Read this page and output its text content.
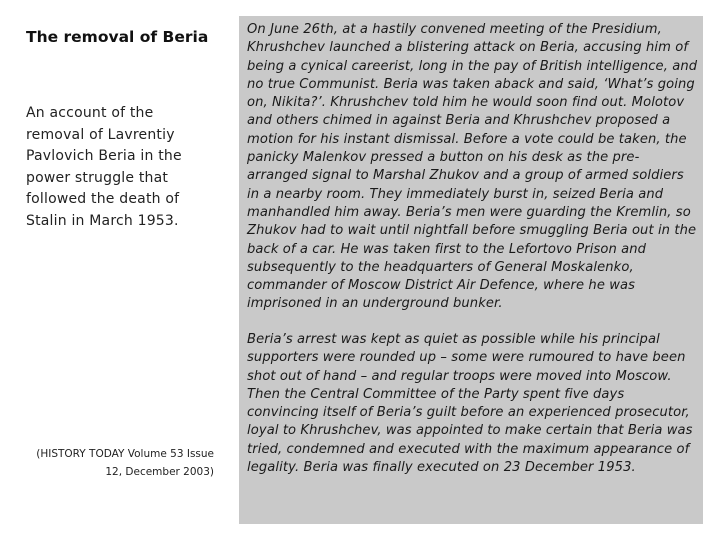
The removal of Beria
An account of the removal of Lavrentiy Pavlovich Beria in the power struggle that followed the death of Stalin in March 1953.
(HISTORY TODAY Volume 53 Issue 12, December 2003)

On June 26th, at a hastily convened meeting of the Presidium, Khrushchev launched a blistering attack on Beria, accusing him of being a cynical careerist, long in the pay of British intelligence, and no true Communist. Beria was taken aback and said, ‘What’s going on, Nikita?’. Khrushchev told him he would soon find out. Molotov and others chimed in against Beria and Khrushchev proposed a motion for his instant dismissal. Before a vote could be taken, the panicky Malenkov pressed a button on his desk as the pre-arranged signal to Marshal Zhukov and a group of armed soldiers in a nearby room. They immediately burst in, seized Beria and manhandled him away. Beria’s men were guarding the Kremlin, so Zhukov had to wait until nightfall before smuggling Beria out in the back of a car. He was taken first to the Lefortovo Prison and subsequently to the headquarters of General Moskalenko, commander of Moscow District Air Defence, where he was imprisoned in an underground bunker.

Beria’s arrest was kept as quiet as possible while his principal supporters were rounded up – some were rumoured to have been shot out of hand – and regular troops were moved into Moscow. Then the Central Committee of the Party spent five days convincing itself of Beria’s guilt before an experienced prosecutor, loyal to Khrushchev, was appointed to make certain that Beria was tried, condemned and executed with the maximum appearance of legality. Beria was finally executed on 23 December 1953.
